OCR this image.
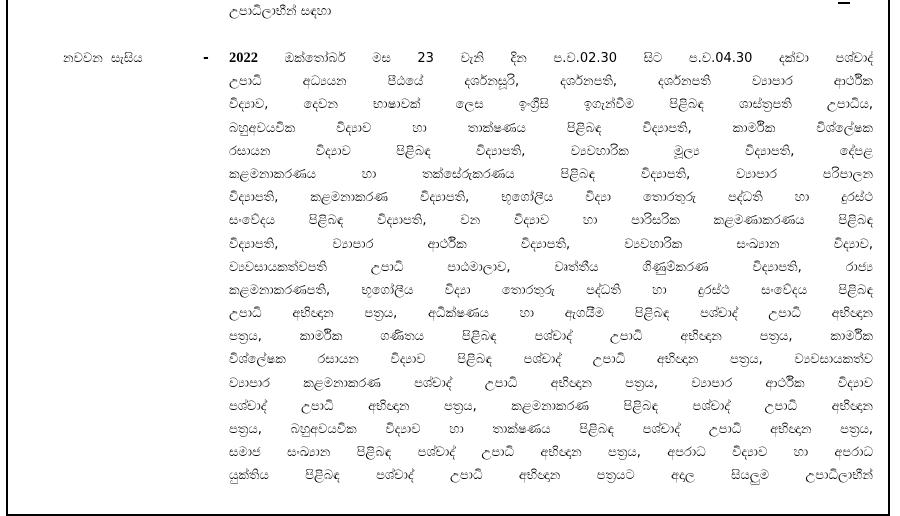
උපාධිලාභීන් සඳහා
නවවන සැසිය	- 2022 ඔක්තෝබර් මස 23 වැනි දින ප.ව.02.30 සිට ප.ව.04.30 දක්වා පශ්චාද්
උපාධි අධ්‍යයන පීඨයේ දර්ශනසූරි, දර්ශනපති, දර්ශනපති ව්‍යාපාර ආර්ථික
විද්‍යාව, දෙවන භාෂාවක් ලෙස ඉංග්‍රීසි ඉගැන්වීම පිළිබඳ ශාස්ත්‍රපති උපාධිය,
බහුඅවයවික විද්‍යාව හා තාක්ෂණය පිළිබඳ විද්‍යාපති, කාර්මික විශ්ලේෂක
රසායන විද්‍යාව පිළිබඳ විද්‍යාපති, ව්‍යවහාරික මූල්‍ය විද්‍යාපති, දේපළ
කළමනාකරණය හා තක්සේරුකරණය පිළිබඳ විද්‍යාපති, ව්‍යාපාර පරිපාලන
විද්‍යාපති, කළමනාකරණ විද්‍යාපති, භූගෝලීය විද්‍යා තොරතුරු පද්ධති හා දුරස්ථ
සංවේදය පිළිබඳ විද්‍යාපති, වන විද්‍යාව හා පාරිසරික කළමණාකරණය පිළිබඳ
විද්‍යාපති, ව්‍යාපාර ආර්ථික විද්‍යාපති, ව්‍යවහාරික සංඛ්‍යාන විද්‍යාව,
ව්‍යවසායකත්වපති උපාධි පාඨමාලාව, වෘත්තීය ගිණුම්කරණ විද්‍යාපති, රාජ්‍ය
කළමනාකරණපති, භූගෝලීය විද්‍යා තොරතුරු පද්ධති හා දුරස්ථ සංවේදය පිළිබඳ
උපාධි අභිඥාන පත්‍රය, අධීක්ෂණය හා ඇගයීම පිළිබඳ පශ්චාද් උපාධි අභිඥාන
පත්‍රය, කාර්මික ගණිතය පිළිබඳ පශ්චාද් උපාධි අභිඥාන පත්‍රය, කාර්මික
විශ්ලේෂක රසායන විද්‍යාව පිළිබඳ පශ්චාද් උපාධි අභිඥාන පත්‍රය, ව්‍යවසායකත්ව
ව්‍යාපාර කළමනාකරණ පශ්චාද් උපාධි අභිඥාන පත්‍රය, ව්‍යාපාර ආර්ථික විද්‍යාව
පශ්චාද් උපාධි අභිඥාන පත්‍රය, කළමනාකරණ පිළිබඳ පශ්චාද් උපාධි අභිඥාන
පත්‍රය, බහුඅවයවික විද්‍යාව හා තාක්ෂණය පිළිබඳ පශ්චාද් උපාධි අභිඥාන පත්‍රය,
සමාජ සංඛ්‍යාන පිළිබඳ පශ්චාද් උපාධි අභිඥාන පත්‍රය, අපරාධ විද්‍යාව හා අපරාධ
යුක්තිය පිළිබඳ පශ්චාද් උපාධි අභිඥාන පත්‍රයට අදාල සියලුම උපාධිලාභීන්
